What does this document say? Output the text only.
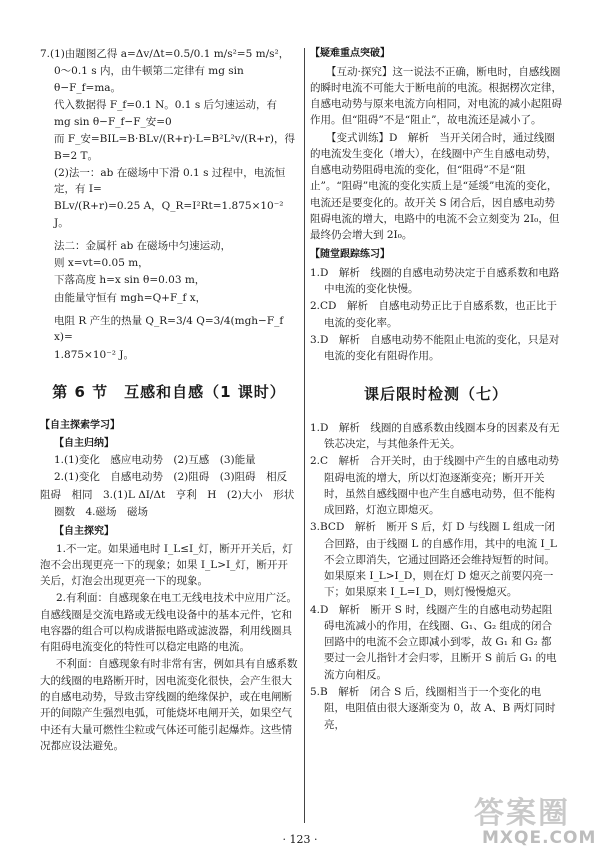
7.(1)由题图乙得 a=Δv/Δt=0.5/0.1 m/s²=5 m/s²，

0～0.1 s 内，由牛顿第二定律有 mg sin θ−F_f=ma。

代入数据得 F_f=0.1 N。0.1 s 后匀速运动，有

mg sin θ−F_f−F_安=0

而 F_安=BIL=B·BLv/(R+r)·L=B²L²v/(R+r)，得 B=2 T。

(2)法一：ab 在磁场中下滑 0.1 s 过程中，电流恒定，有 I=

BLv/(R+r)=0.25 A，Q_R=I²Rt=1.875×10⁻² J。

法二：金属杆 ab 在磁场中匀速运动，

则 x=vt=0.05 m，

下落高度 h=x sin θ=0.03 m，

由能量守恒有 mgh=Q+F_f x，

电阻 R 产生的热量 Q_R=3/4 Q=3/4(mgh−F_f x)=

1.875×10⁻² J。

第 6 节　互感和自感（1 课时）
【自主探索学习】

【自主归纳】

1.(1)变化　感应电动势　(2)互感　(3)能量

2.(1)变化　自感电动势　(2)阻碍　(3)阻碍　相反

阻碍　相同　3.(1)L ΔI/Δt　亨利　H　(2)大小　形状

圈数　4.磁场　磁场

【自主探究】

1.不一定。如果通电时 I_L≤I_灯，断开开关后，灯泡不会出现更亮一下的现象；如果 I_L>I_灯，断开开关后，灯泡会出现更亮一下的现象。

2.有利面：自感现象在电工无线电技术中应用广泛。自感线圈是交流电路或无线电设备中的基本元件，它和电容器的组合可以构成谐振电路或滤波器，利用线圈具有阻碍电流变化的特性可以稳定电路的电流。

不利面：自感现象有时非常有害，例如具有自感系数大的线圈的电路断开时，因电流变化很快，会产生很大的自感电动势，导致击穿线圈的绝缘保护，或在电闸断开的间隙产生强烈电弧，可能烧坏电闸开关，如果空气中还有大量可燃性尘粒或气体还可能引起爆炸。这些情况都应设法避免。

【疑难重点突破】

【互动·探究】这一说法不正确，断电时，自感线圈的瞬时电流不可能大于断电前的电流。根据楞次定律，自感电动势与原来电流方向相同，对电流的减小起阻碍作用。但“阻碍”不是“阻止”，故电流还是减小了。

【变式训练】D　解析　当开关闭合时，通过线圈的电流发生变化（增大），在线圈中产生自感电动势，自感电动势阻碍电流的变化，但“阻碍”不是“阻止”。“阻碍”电流的变化实质上是“延缓”电流的变化，电流还是要变化的。故开关 S 闭合后，因自感电动势阻碍电流的增大，电路中的电流不会立刻变为 2I₀，但最终仍会增大到 2I₀。

【随堂跟踪练习】

1.D　解析　线圈的自感电动势决定于自感系数和电路中电流的变化快慢。

2.CD　解析　自感电动势正比于自感系数，也正比于电流的变化率。

3.D　解析　自感电动势不能阻止电流的变化，只是对电流的变化有阻碍作用。

课后限时检测（七）

1.D　解析　线圈的自感系数由线圈本身的因素及有无铁芯决定，与其他条件无关。

2.C　解析　合开关时，由于线圈中产生的自感电动势阻碍电流的增大，所以灯泡逐渐变亮；断开开关时，虽然自感线圈中也产生自感电动势，但不能构成回路，灯泡立即熄灭。

3.BCD　解析　断开 S 后，灯 D 与线圈 L 组成一闭合回路，由于线圈 L 的自感作用，其中的电流 I_L 不会立即消失，它通过回路还会维持短暂的时间。如果原来 I_L>I_D，则在灯 D 熄灭之前要闪亮一下；如果原来 I_L=I_D，则灯慢慢熄灭。

4.D　解析　断开 S 时，线圈产生的自感电动势起阻碍电流减小的作用，在线圈、G₁、G₂ 组成的闭合回路中的电流不会立即减小到零，故 G₁ 和 G₂ 都要过一会儿指针才会归零，且断开 S 前后 G₁ 的电流方向相反。

5.B　解析　闭合 S 后，线圈相当于一个变化的电阻，电阻值由很大逐渐变为 0，故 A、B 两灯同时亮，

· 123 ·
答案圈
MXQE.COM
